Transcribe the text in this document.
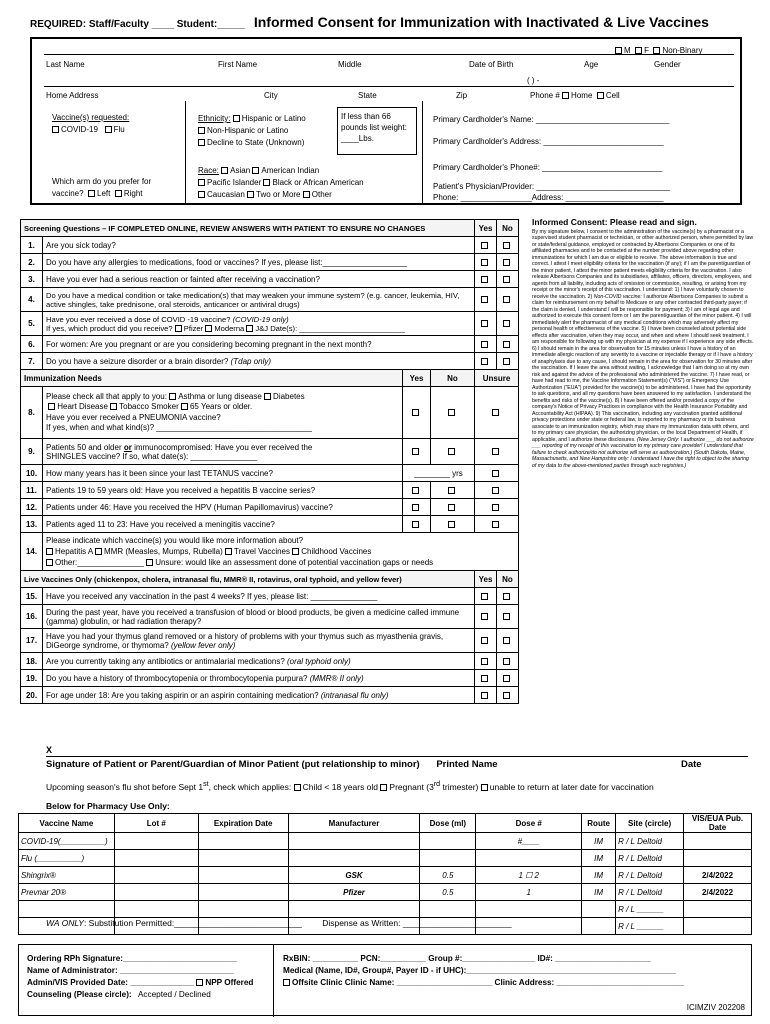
REQUIRED: Staff/Faculty ____ Student:_____ Informed Consent for Immunization with Inactivated & Live Vaccines
M F Non-Binary
Last Name	First Name	Middle	Date of Birth	Age	Gender
( ) -
Home Address	City	State	Zip	Phone # Home Cell
Vaccine(s) requested:
COVID-19 Flu
Which arm do you prefer for
vaccine? Left Right
Ethnicity: Hispanic or Latino
Non-Hispanic or Latino
Decline to State (Unknown)
If less than 66 pounds list weight: ____Lbs.
Race: Asian American Indian
Pacific Islander Black or African American
Caucasian Two or More Other
Primary Cardholder's Name: ______________________________
Primary Cardholder's Address: ___________________________
Primary Cardholder's Phone#: ___________________________
Patient's Physician/Provider: ______________________________
Phone: ________________Address: ______________________
Screening Questions – IF COMPLETED ONLINE, REVIEW ANSWERS WITH PATIENT TO ENSURE NO CHANGES				Yes	No
1.	Are you sick today?				
2.	Do you have any allergies to medications, food or vaccines? If yes, please list:___________________				
3.	Have you ever had a serious reaction or fainted after receiving a vaccination?				
4.	Do you have a medical condition or take medication(s) that may weaken your immune system? (e.g. cancer, leukemia, HIV, active shingles, take prednisone, oral steroids, anticancer or antiviral drugs)				
5.	Have you ever received a dose of COVID -19 vaccine? (COVID-19 only)
If yes, which product did you receive? Pfizer Moderna J&J Date(s): _________________________				

6.	For women: Are you pregnant or are you considering becoming pregnant in the next month?				
7.	Do you have a seizure disorder or a brain disorder? (Tdap only)				
Immunization Needs		Yes	No	Unsure	
8.	Please check all that apply to you: Asthma or lung disease Diabetes
Heart Disease Tobacco Smoker 65 Years or older.
Have you ever received a PNEUMONIA vaccine?
If yes, when and what kind(s)? ___________________________________				

9.	Patients 50 and older or immunocompromised: Have you ever received the
SHINGLES vaccine? If so, what date(s): _______________				

10.	How many years has it been since your last TETANUS vaccine?	________ yrs			
11.	Patients 19 to 59 years old: Have you received a hepatitis B vaccine series?				
12.	Patients under 46: Have you received the HPV (Human Papillomavirus) vaccine?				
13.	Patients aged 11 to 23: Have you received a meningitis vaccine?				
14.	Please indicate which vaccine(s) you would like more information about?
Hepatitis A MMR (Measles, Mumps, Rubella) Travel Vaccines Childhood Vaccines
Other:_______________ Unsure: would like an assessment done of potential vaccination gaps or needs				

Live Vaccines Only (chickenpox, cholera, intranasal flu, MMR® II, rotavirus, oral typhoid, and yellow fever)				Yes	No
15.	Have you received any vaccination in the past 4 weeks? If yes, please list: _______________				
16.	During the past year, have you received a transfusion of blood or blood products, be given a medicine called immune (gamma) globulin, or had radiation therapy?				
17.	Have you had your thymus gland removed or a history of problems with your thymus such as myasthenia gravis, DiGeorge syndrome, or thymoma? (yellow fever only)				
18.	Are you currently taking any antibiotics or antimalarial medications? (oral typhoid only)				
19.	Do you have a history of thrombocytopenia or thrombocytopenia purpura? (MMR® II only)				
20.	For age under 18: Are you taking aspirin or an aspirin containing medication? (intranasal flu only)				
Informed Consent: Please read and sign.
By my signature below, I consent to the administration of the vaccine(s) by a pharmacist or a supervised student pharmacist or technician, or other authorized person, where permitted by law or state/federal guidance, employed or contracted by Albertsons Companies or one of its affiliated pharmacies and to be contacted at the number provided above regarding other immunizations for which I am due or eligible to receive. The above information is true and correct. I attest I meet eligibility criteria for the vaccination (if any); if I am the parent/guardian of the minor patient, I attest the minor patient meets eligibility criteria for the vaccination. I also release Albertsons Companies and its subsidiaries, affiliates, officers, directors, employees, and agents from all liability, including acts of omission or commission, resulting, or arising from my receipt or the minor's receipt of this vaccination. I understand: 1) I have voluntarily chosen to receive the vaccination. 2) Non-COVID vaccine: I authorize Albertsons Companies to submit a claim for reimbursement on my behalf to Medicare or any other contracted third-party payer; if the claim is denied, I understand I will be responsible for payment; 3) I am of legal age and authorized to execute this consent form or I am the parent/guardian of the minor patient. 4) I will immediately alert the pharmacist of any medical conditions which may adversely affect my personal health or effectiveness of the vaccine. 5) I have been counseled about potential side effects after vaccination, when they may occur, and when and where I should seek treatment. I am responsible for following up with my physician at my expense if I experience any side effects. 6) I should remain in the area for observation for 15 minutes unless I have a history of an immediate allergic reaction of any severity to a vaccine or injectable therapy or if I have a history of anaphylaxis due to any cause, I should remain in the area for observation for 30 minutes after the vaccination. If I leave the area without waiting, I acknowledge that I am doing so at my own risk and against the advice of the professional who administered the vaccine. 7) I have read, or have had read to me, the Vaccine Information Statement(s) ("VIS") or Emergency Use Authorization ("EUA") provided for the vaccine(s) to be administered. I have had the opportunity to ask questions, and all my questions have been answered to my satisfaction. I understand the benefits and risks of the vaccine(s). 8) I have been offered and/or provided a copy of the company's Notice of Privacy Practices in compliance with the Health Insurance Portability and Accountability Act (HIPAA). 9) This vaccination, including any vaccination granted additional privacy protections under state or federal law, is reported to my pharmacy or its business associate to an immunization registry, which may share my immunization data with others, and to my primary care physician, the authorizing physician, or the local Department of Health, if applicable, and I authorize these disclosures. (New Jersey Only: I authorize ___ do not authorize ___ reporting of my receipt of this vaccination to my primary care provider! I understand that failure to check authorize/do not authorize will serve as authorization.) (South Dakota, Maine, Massachusetts, and New Hampshire only: I understand I have the right to object to the sharing of my data to the above-mentioned parties through such registries.)
X
Signature of Patient or Parent/Guardian of Minor Patient (put relationship to minor) Printed Name	Date
Upcoming season's flu shot before Sept 1st, check which applies: Child < 18 years old Pregnant (3rd trimester) unable to return at later date for vaccination
Below for Pharmacy Use Only:
Vaccine Name	Lot #	Expiration Date	Manufacturer	Dose (ml)	Dose #	Route	Site (circle)	VIS/EUA Pub. Date
COVID-19(__________)					#____	IM	R / L Deltoid	
Flu (__________)						IM	R / L Deltoid	
Shingrix®			GSK	0.5	1 ☐ 2	IM	R / L Deltoid	2/4/2022
Prevnar 20®			Pfizer	0.5	1	IM	R / L Deltoid	2/4/2022
							R / L ______	
							R / L ______	
WA ONLY: Substitution Permitted:___________________________ Dispense as Written: _______________________
Ordering RPh Signature:_________________________
Name of Administrator: _________________________
Admin/VIS Provided Date: ______________ NPP Offered
Counseling (Please circle): Accepted / Declined
RxBIN: __________ PCN:__________ Group #:________________ ID#: _____________________
Medical (Name, ID#, Group#, Payer ID - if UHC):______________________________________________
Offsite Clinic Clinic Name: _____________________ Clinic Address: ____________________________
ICIMZIV 202208
